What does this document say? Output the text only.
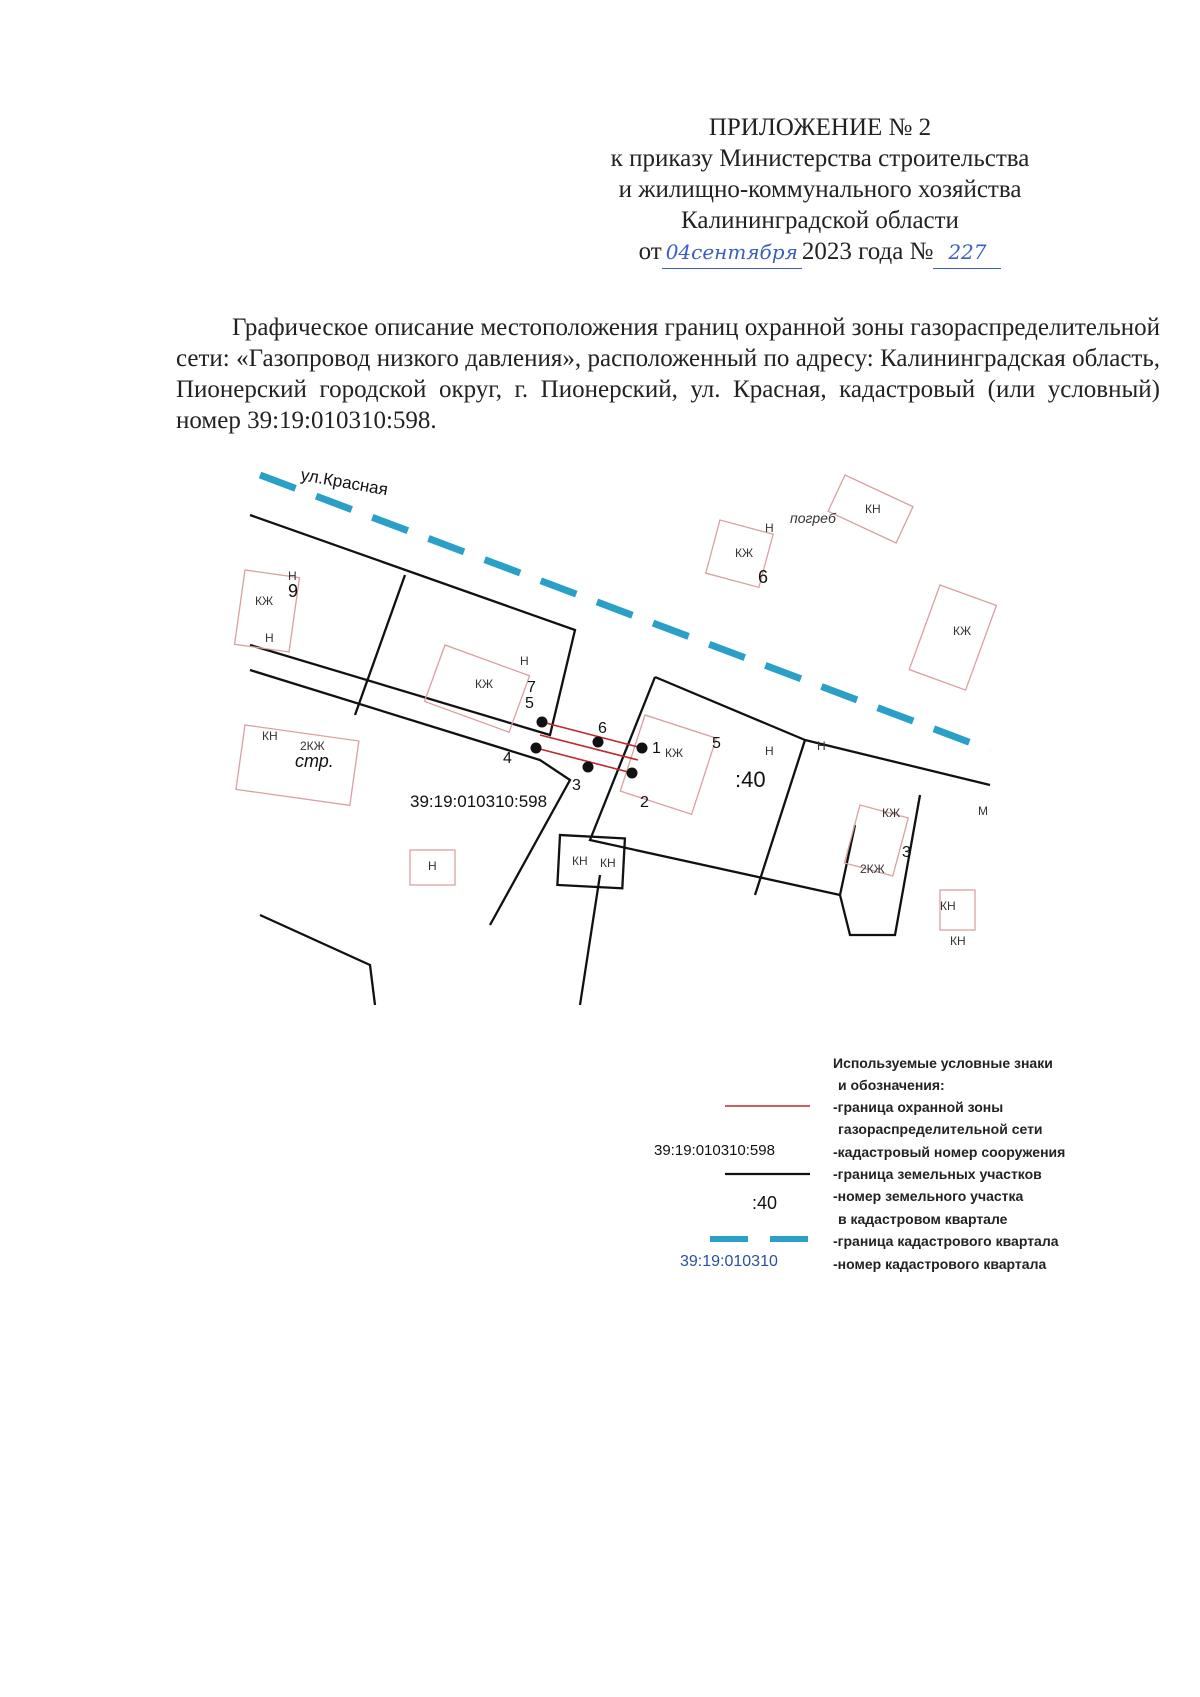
ПРИЛОЖЕНИЕ № 2
к приказу Министерства строительства
и жилищно-коммунального хозяйства
Калининградской области
от 04сентября 2023 года № 227
Графическое описание местоположения границ охранной зоны газораспределительной сети: «Газопровод низкого давления», расположенный по адресу: Калининградская область, Пионерский городской округ, г. Пионерский, ул. Красная, кадастровый (или условный) номер 39:19:010310:598.
ул.Красная
Н
КЖ 9
Н
Н
КЖ 7
5
КН
2КЖ
стр.	4
6
1 КЖ
5	Н
3
2
Н	КН КН
погреб
КН
Н
КЖ
6
КЖ
Н
КЖ
2КЖ
3
КН
КН
М
:40
39:19:010310:598
Используемые условные знаки
и обозначения:
-граница охранной зоны
газораспределительной сети
39:19:010310:598	-кадастровый номер сооружения
-граница земельных участков
:40	-номер земельного участка
в кадастровом квартале
-граница кадастрового квартала
39:19:010310	-номер кадастрового квартала
